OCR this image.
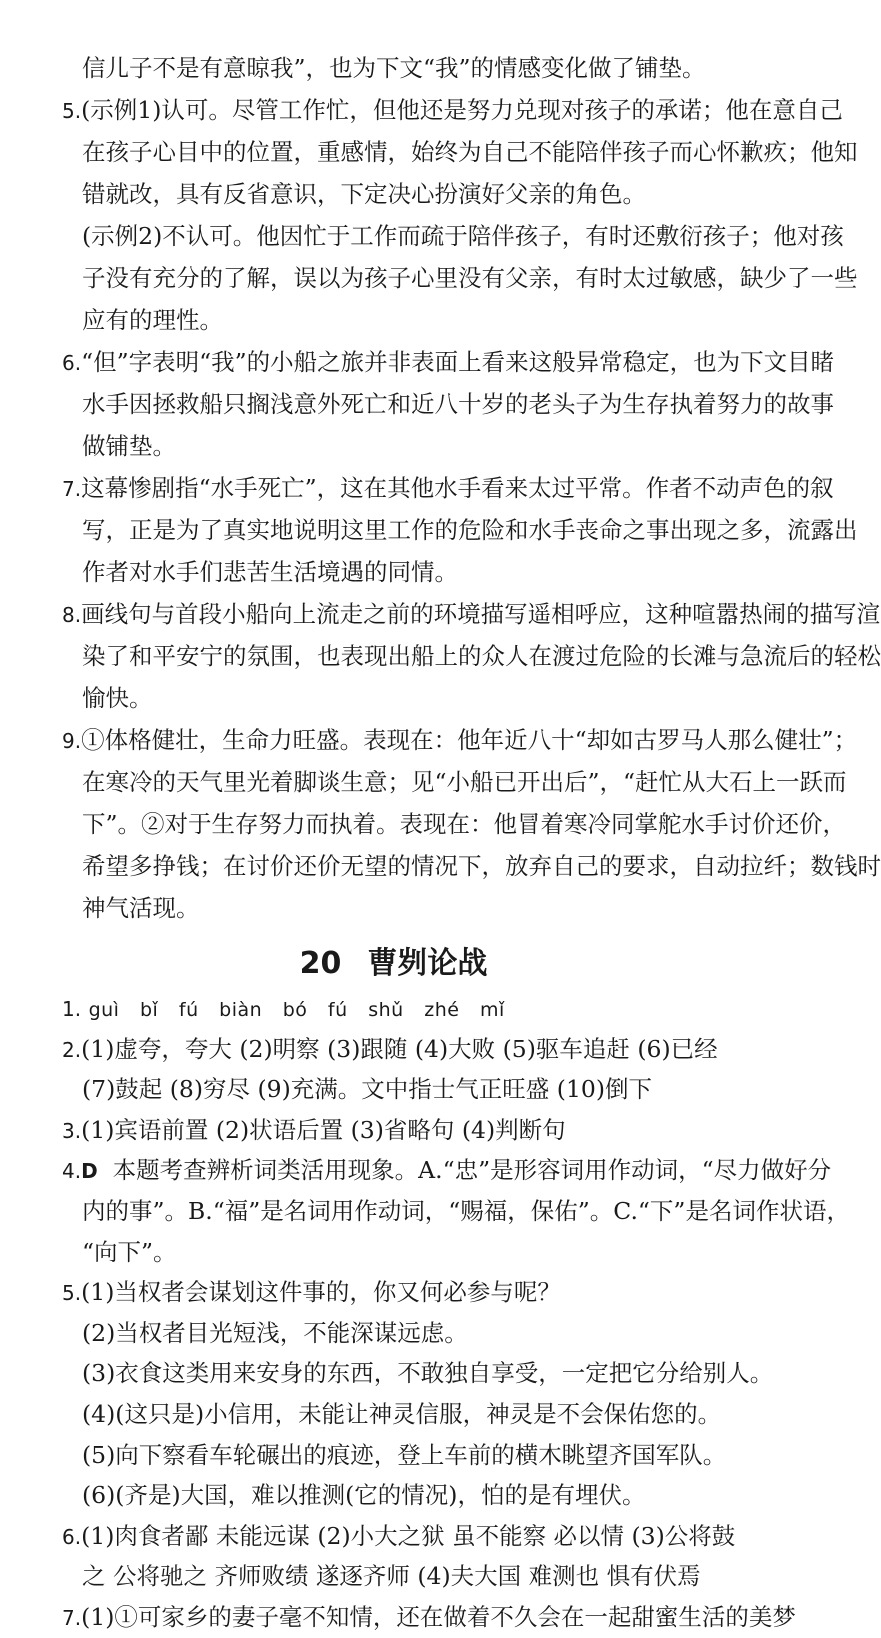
信儿子不是有意晾我”，也为下文“我”的情感变化做了铺垫。
5.(示例1)认可。尽管工作忙，但他还是努力兑现对孩子的承诺；他在意自己
在孩子心目中的位置，重感情，始终为自己不能陪伴孩子而心怀歉疚；他知
错就改，具有反省意识，下定决心扮演好父亲的角色。
(示例2)不认可。他因忙于工作而疏于陪伴孩子，有时还敷衍孩子；他对孩
子没有充分的了解，误以为孩子心里没有父亲，有时太过敏感，缺少了一些
应有的理性。
6.“但”字表明“我”的小船之旅并非表面上看来这般异常稳定，也为下文目睹
水手因拯救船只搁浅意外死亡和近八十岁的老头子为生存执着努力的故事
做铺垫。
7.这幕惨剧指“水手死亡”，这在其他水手看来太过平常。作者不动声色的叙
写，正是为了真实地说明这里工作的危险和水手丧命之事出现之多，流露出
作者对水手们悲苦生活境遇的同情。
8.画线句与首段小船向上流走之前的环境描写遥相呼应，这种喧嚣热闹的描写渲
染了和平安宁的氛围，也表现出船上的众人在渡过危险的长滩与急流后的轻松
愉快。
9.①体格健壮，生命力旺盛。表现在：他年近八十“却如古罗马人那么健壮”；
在寒冷的天气里光着脚谈生意；见“小船已开出后”，“赶忙从大石上一跃而
下”。②对于生存努力而执着。表现在：他冒着寒冷同掌舵水手讨价还价，
希望多挣钱；在讨价还价无望的情况下，放弃自己的要求，自动拉纤；数钱时
神气活现。
20 曹刿论战
1. guì bǐ fú biàn bó fú shǔ zhé mǐ
2.(1)虚夸，夸大 (2)明察 (3)跟随 (4)大败 (5)驱车追赶 (6)已经
(7)鼓起 (8)穷尽 (9)充满。文中指士气正旺盛 (10)倒下
3.(1)宾语前置 (2)状语后置 (3)省略句 (4)判断句
4.D 本题考查辨析词类活用现象。A.“忠”是形容词用作动词，“尽力做好分
内的事”。B.“福”是名词用作动词，“赐福，保佑”。C.“下”是名词作状语，
“向下”。
5.(1)当权者会谋划这件事的，你又何必参与呢？
(2)当权者目光短浅，不能深谋远虑。
(3)衣食这类用来安身的东西，不敢独自享受，一定把它分给别人。
(4)(这只是)小信用，未能让神灵信服，神灵是不会保佑您的。
(5)向下察看车轮碾出的痕迹，登上车前的横木眺望齐国军队。
(6)(齐是)大国，难以推测(它的情况)，怕的是有埋伏。
6.(1)肉食者鄙 未能远谋 (2)小大之狱 虽不能察 必以情 (3)公将鼓
之 公将驰之 齐师败绩 遂逐齐师 (4)夫大国 难测也 惧有伏焉
7.(1)①可家乡的妻子毫不知情，还在做着不久会在一起甜蜜生活的美梦
